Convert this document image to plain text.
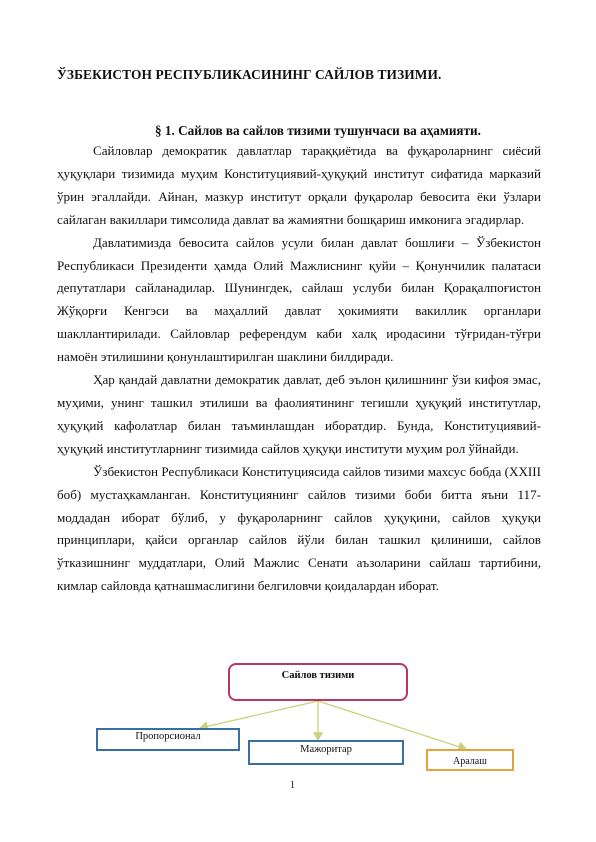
ЎЗБЕКИСТОН РЕСПУБЛИКАСИНИНГ САЙЛОВ ТИЗИМИ.
§ 1. Сайлов ва сайлов тизими тушунчаси ва аҳамияти.

Сайловлар демократик давлатлар тараққиётида ва фуқароларнинг сиёсий ҳуқуқлари тизимида муҳим Конституциявий-ҳуқуқий институт сифатида марказий ўрин эгаллайди. Айнан, мазкур институт орқали фуқаролар бевосита ёки ўзлари сайлаган вакиллари тимсолида давлат ва жамиятни бошқариш имконига эгадирлар.

Давлатимизда бевосита сайлов усули билан давлат бошлиғи – Ўзбекистон Республикаси Президенти ҳамда Олий Мажлиснинг қуйи – Қонунчилик палатаси депутатлари сайланадилар. Шунингдек, сайлаш услуби билан Қорақалпоғистон Жўқорғи Кенгэси ва маҳаллий давлат ҳокимияти вакиллик органлари шакллантирилади. Сайловлар референдум каби халқ иродасини тўғридан-тўғри намоён этилишини қонунлаштирилган шаклини билдиради.

Ҳар қандай давлатни демократик давлат, деб эълон қилишнинг ўзи кифоя эмас, муҳими, унинг ташкил этилиши ва фаолиятининг тегишли ҳуқуқий институтлар, ҳуқуқий кафолатлар билан таъминлашдан иборатдир. Бунда, Конституциявий-ҳуқуқий институтларнинг тизимида сайлов ҳуқуқи институти муҳим рол ўйнайди.

Ўзбекистон Республикаси Конституциясида сайлов тизими махсус бобда (XXIII боб) мустаҳкамланган. Конституциянинг сайлов тизими боби битта яъни 117-моддадан иборат бўлиб, у фуқароларнинг сайлов ҳуқуқини, сайлов ҳуқуқи принциплари, қайси органлар сайлов йўли билан ташкил қилиниши, сайлов ўтказишнинг муддатлари, Олий Мажлис Сенати аъзоларини сайлаш тартибини, кимлар сайловда қатнашмаслигини белгиловчи қоидалардан иборат.

Сайлов тизими
Пропорсионал
Мажоритар
Аралаш
1
